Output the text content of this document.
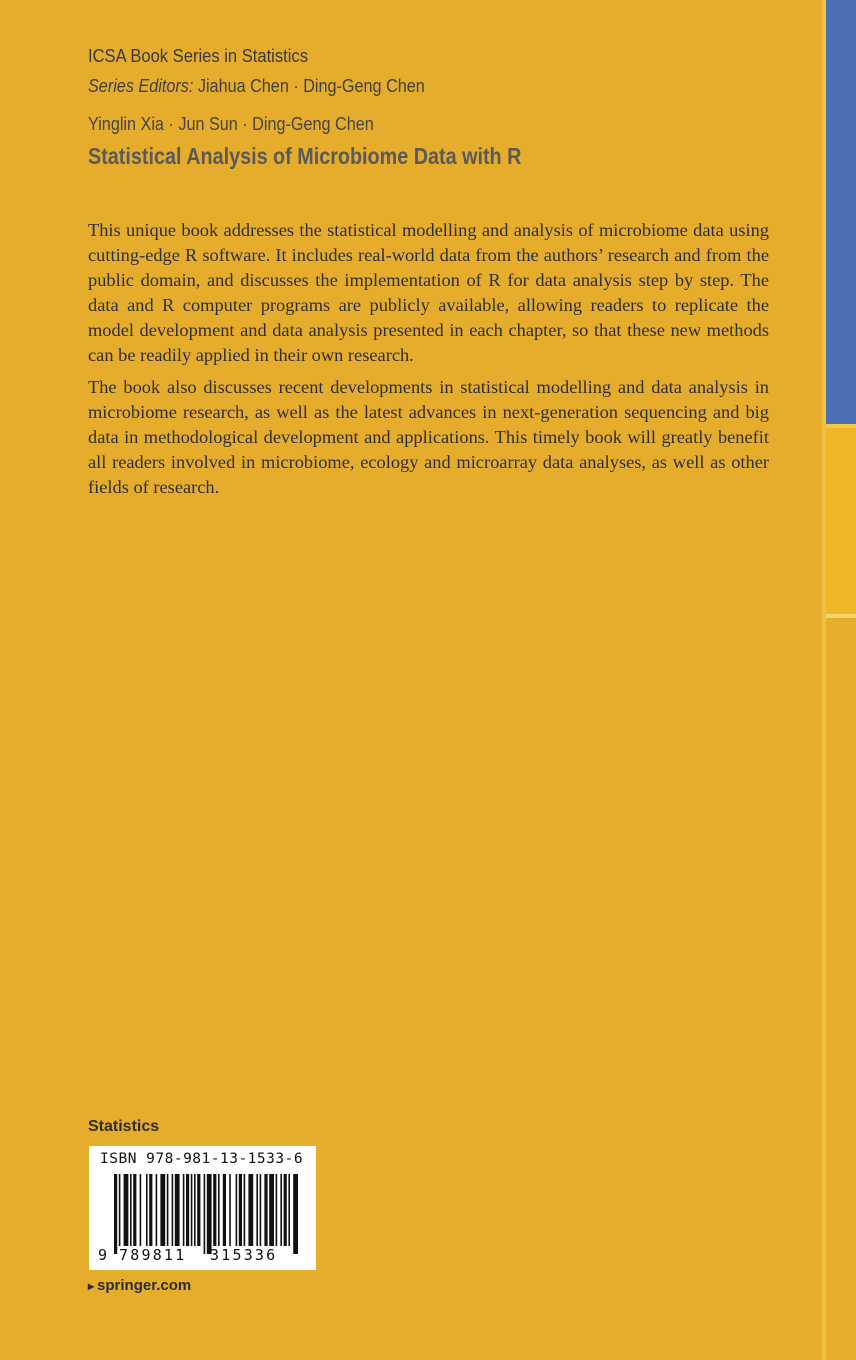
ICSA Book Series in Statistics
Series Editors: Jiahua Chen · Ding-Geng Chen
Yinglin Xia · Jun Sun · Ding-Geng Chen
Statistical Analysis of Microbiome Data with R

This unique book addresses the statistical modelling and analysis of microbiome data using cutting-edge R software. It includes real-world data from the authors’ research and from the public domain, and discusses the implementation of R for data analysis step by step. The data and R computer programs are publicly available, allowing readers to replicate the model development and data analysis presented in each chapter, so that these new methods can be readily applied in their own research.

The book also discusses recent developments in statistical modelling and data analysis in microbiome research, as well as the latest advances in next-generation sequencing and big data in methodological development and applications. This timely book will greatly benefit all readers involved in microbiome, ecology and microarray data analyses, as well as other fields of research.

Statistics
ISBN 978-981-13-1533-6
9 789811 315336
▸ springer.com
